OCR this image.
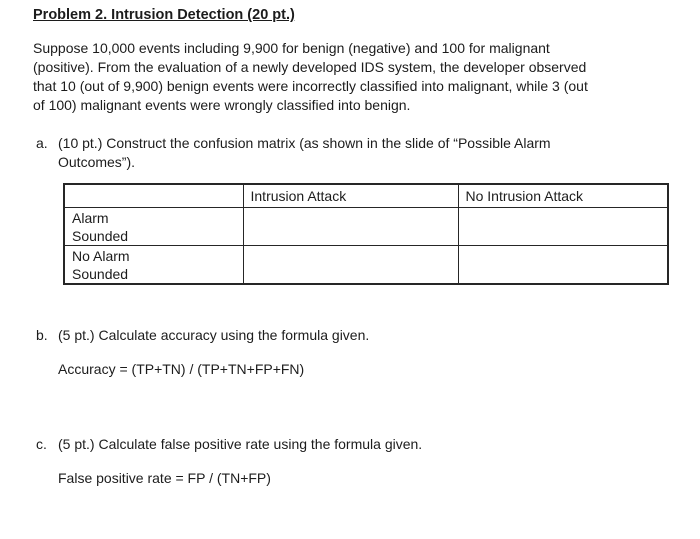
Problem 2. Intrusion Detection (20 pt.)
Suppose 10,000 events including 9,900 for benign (negative) and 100 for malignant
(positive). From the evaluation of a newly developed IDS system, the developer observed
that 10 (out of 9,900) benign events were incorrectly classified into malignant, while 3 (out
of 100) malignant events were wrongly classified into benign.
a. (10 pt.) Construct the confusion matrix (as shown in the slide of “Possible Alarm
Outcomes”).
	Intrusion Attack	No Intrusion Attack

Alarm
Sounded		

No Alarm
Sounded		

b. (5 pt.) Calculate accuracy using the formula given.
Accuracy = (TP+TN) / (TP+TN+FP+FN)
c. (5 pt.) Calculate false positive rate using the formula given.
False positive rate = FP / (TN+FP)
